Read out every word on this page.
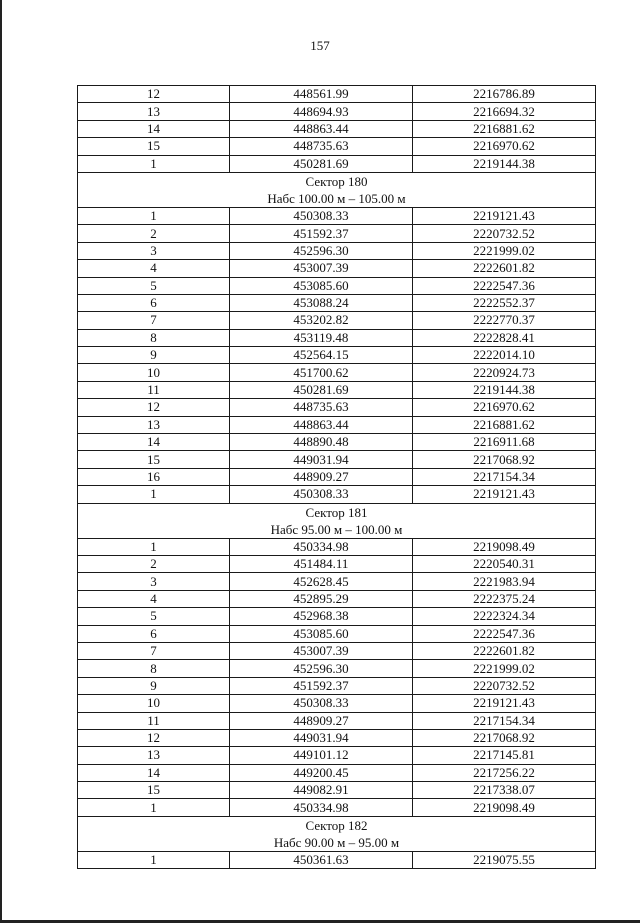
157
12	448561.99	2216786.89
13	448694.93	2216694.32
14	448863.44	2216881.62
15	448735.63	2216970.62
1	450281.69	2219144.38

Сектор 180
Набс 100.00 м – 105.00 м		

1	450308.33	2219121.43
2	451592.37	2220732.52
3	452596.30	2221999.02
4	453007.39	2222601.82
5	453085.60	2222547.36
6	453088.24	2222552.37
7	453202.82	2222770.37
8	453119.48	2222828.41
9	452564.15	2222014.10
10	451700.62	2220924.73
11	450281.69	2219144.38
12	448735.63	2216970.62
13	448863.44	2216881.62
14	448890.48	2216911.68
15	449031.94	2217068.92
16	448909.27	2217154.34
1	450308.33	2219121.43

Сектор 181
Набс 95.00 м – 100.00 м		

1	450334.98	2219098.49
2	451484.11	2220540.31
3	452628.45	2221983.94
4	452895.29	2222375.24
5	452968.38	2222324.34
6	453085.60	2222547.36
7	453007.39	2222601.82
8	452596.30	2221999.02
9	451592.37	2220732.52
10	450308.33	2219121.43
11	448909.27	2217154.34
12	449031.94	2217068.92
13	449101.12	2217145.81
14	449200.45	2217256.22
15	449082.91	2217338.07
1	450334.98	2219098.49

Сектор 182
Набс 90.00 м – 95.00 м		

1	450361.63	2219075.55
